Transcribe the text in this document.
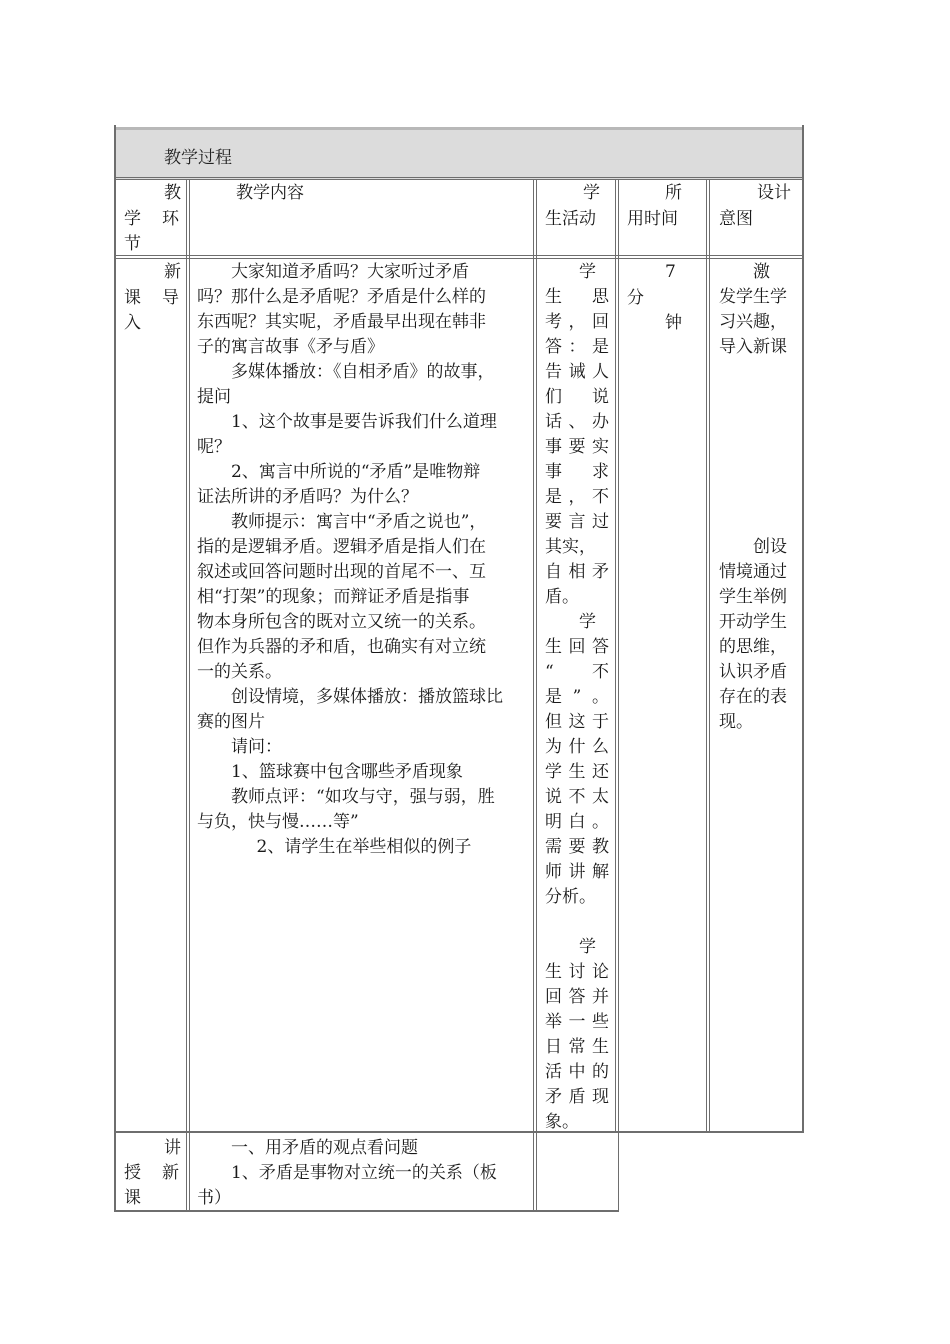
教学过程
教
学 环
节
教学内容	学
生活动
所
用时间
设计
意图
新
课 导
入

大家知道矛盾吗？大家听过矛盾

吗？那什么是矛盾呢？矛盾是什么样的

东西呢？其实呢，矛盾最早出现在韩非

子的寓言故事《矛与盾》

多媒体播放：《自相矛盾》的故事，

提问

1、这个故事是要告诉我们什么道理

呢？

2、寓言中所说的“矛盾”是唯物辩

证法所讲的矛盾吗？为什么？

教师提示：寓言中“矛盾之说也”，

指的是逻辑矛盾。逻辑矛盾是指人们在

叙述或回答问题时出现的首尾不一、互

相“打架”的现象；而辩证矛盾是指事

物本身所包含的既对立又统一的关系。

但作为兵器的矛和盾，也确实有对立统

一的关系。

创设情境，多媒体播放：播放篮球比

赛的图片

请问：

1、篮球赛中包含哪些矛盾现象

教师点评：“如攻与守，强与弱，胜

与负，快与慢……等”

2、请学生在举些相似的例子

学

生　思

考，回

答：是

告诫人

们　说

话、办

事要实

事　求

是，不

要言过

其实，

自相矛

盾。

学

生回答

“　不

是”。

但这于

为什么

学生还

说不太

明白。

需要教

师讲解

分析。

学

生讨论

回答并

举一些

日常生

活中的

矛盾现

象。

7
分
钟

激

发学生学

习兴趣，

导入新课

创设

情境通过

学生举例

开动学生

的思维，

认识矛盾

存在的表

现。

讲
授 新
课

一、用矛盾的观点看问题

1、矛盾是事物对立统一的关系（板

书）
